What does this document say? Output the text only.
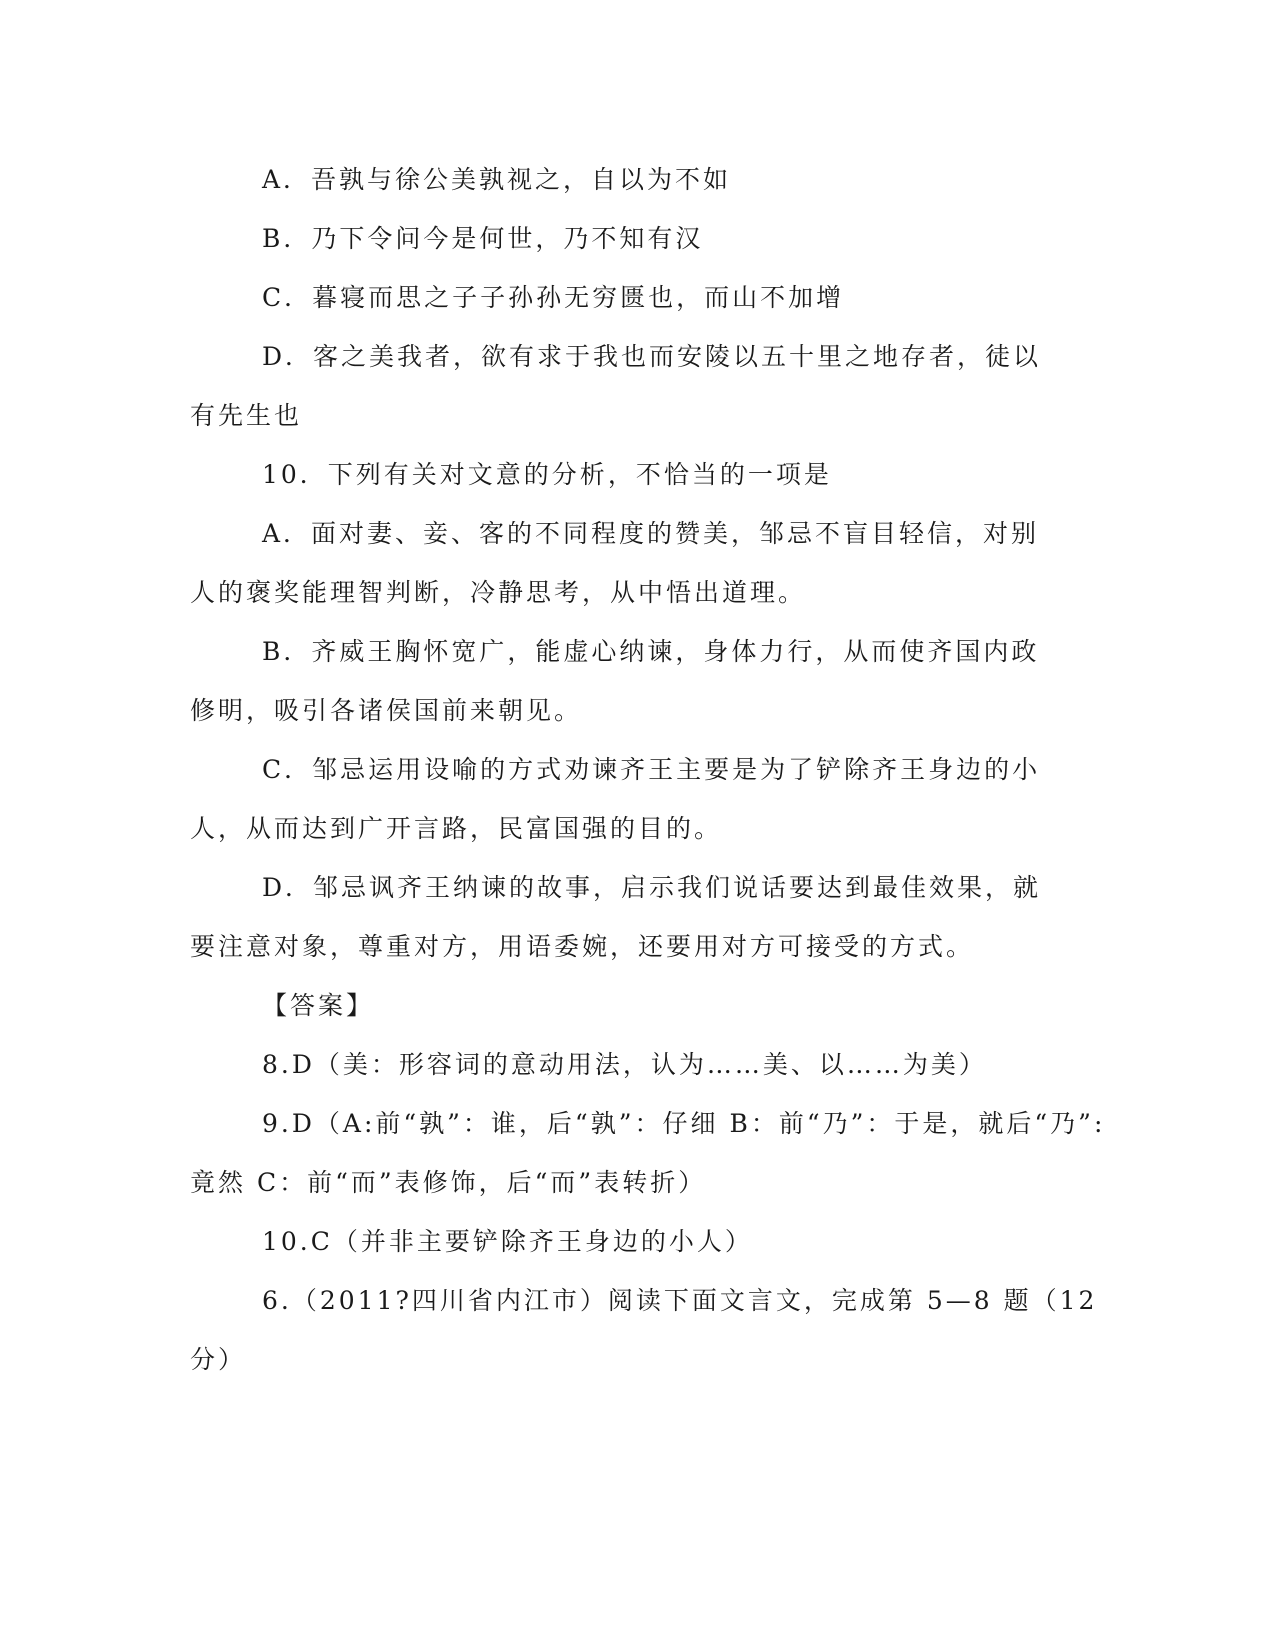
A．吾孰与徐公美孰视之，自以为不如
B．乃下令问今是何世，乃不知有汉
C．暮寝而思之子子孙孙无穷匮也，而山不加增
D．客之美我者，欲有求于我也而安陵以五十里之地存者，徒以
有先生也
10．下列有关对文意的分析，不恰当的一项是
A．面对妻、妾、客的不同程度的赞美，邹忌不盲目轻信，对别
人的褒奖能理智判断，冷静思考，从中悟出道理。
B．齐威王胸怀宽广，能虚心纳谏，身体力行，从而使齐国内政
修明，吸引各诸侯国前来朝见。
C．邹忌运用设喻的方式劝谏齐王主要是为了铲除齐王身边的小
人，从而达到广开言路，民富国强的目的。
D．邹忌讽齐王纳谏的故事，启示我们说话要达到最佳效果，就
要注意对象，尊重对方，用语委婉，还要用对方可接受的方式。
【答案】
8.D（美：形容词的意动用法，认为……美、以……为美）
9.D（A:前“孰”：谁，后“孰”：仔细 B：前“乃”：于是，就后“乃”:
竟然 C：前“而”表修饰，后“而”表转折）
10.C（并非主要铲除齐王身边的小人）
6.（2011?四川省内江市）阅读下面文言文，完成第 5—8 题（12
分）
